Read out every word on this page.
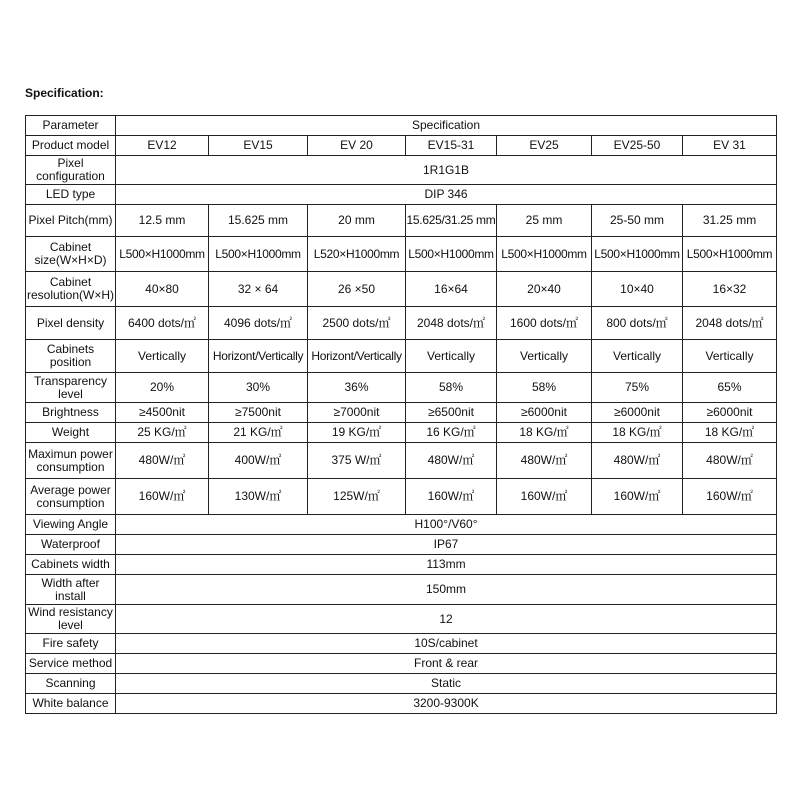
Specification:
Parameter	Specification						
Product model	EV12	EV15	EV 20	EV15-31	EV25	EV25-50	EV 31
Pixel configuration	1R1G1B						
LED type	DIP 346						
Pixel Pitch(mm)	12.5 mm	15.625 mm	20 mm	15.625/31.25 mm	25 mm	25-50 mm	31.25 mm
Cabinet size(W×H×D)	L500×H1000mm	L500×H1000mm	L520×H1000mm	L500×H1000mm	L500×H1000mm	L500×H1000mm	L500×H1000mm
Cabinet resolution(W×H)	40×80	32 × 64	26 ×50	16×64	20×40	10×40	16×32
Pixel density	6400 dots/㎡	4096 dots/㎡	2500 dots/㎡	2048 dots/㎡	1600 dots/㎡	800 dots/㎡	2048 dots/㎡
Cabinets position	Vertically	Horizont/Vertically	Horizont/Vertically	Vertically	Vertically	Vertically	Vertically
Transparency level	20%	30%	36%	58%	58%	75%	65%
Brightness	≥4500nit	≥7500nit	≥7000nit	≥6500nit	≥6000nit	≥6000nit	≥6000nit
Weight	25 KG/㎡	21 KG/㎡	19 KG/㎡	16 KG/㎡	18 KG/㎡	18 KG/㎡	18 KG/㎡
Maximun power consumption	480W/㎡	400W/㎡	375 W/㎡	480W/㎡	480W/㎡	480W/㎡	480W/㎡
Average power consumption	160W/㎡	130W/㎡	125W/㎡	160W/㎡	160W/㎡	160W/㎡	160W/㎡
Viewing Angle	H100°/V60°						
Waterproof	IP67						
Cabinets width	113mm						
Width after install	150mm						
Wind resistancy level	12						
Fire safety	10S/cabinet						
Service method	Front & rear						
Scanning	Static						
White balance	3200-9300K						
